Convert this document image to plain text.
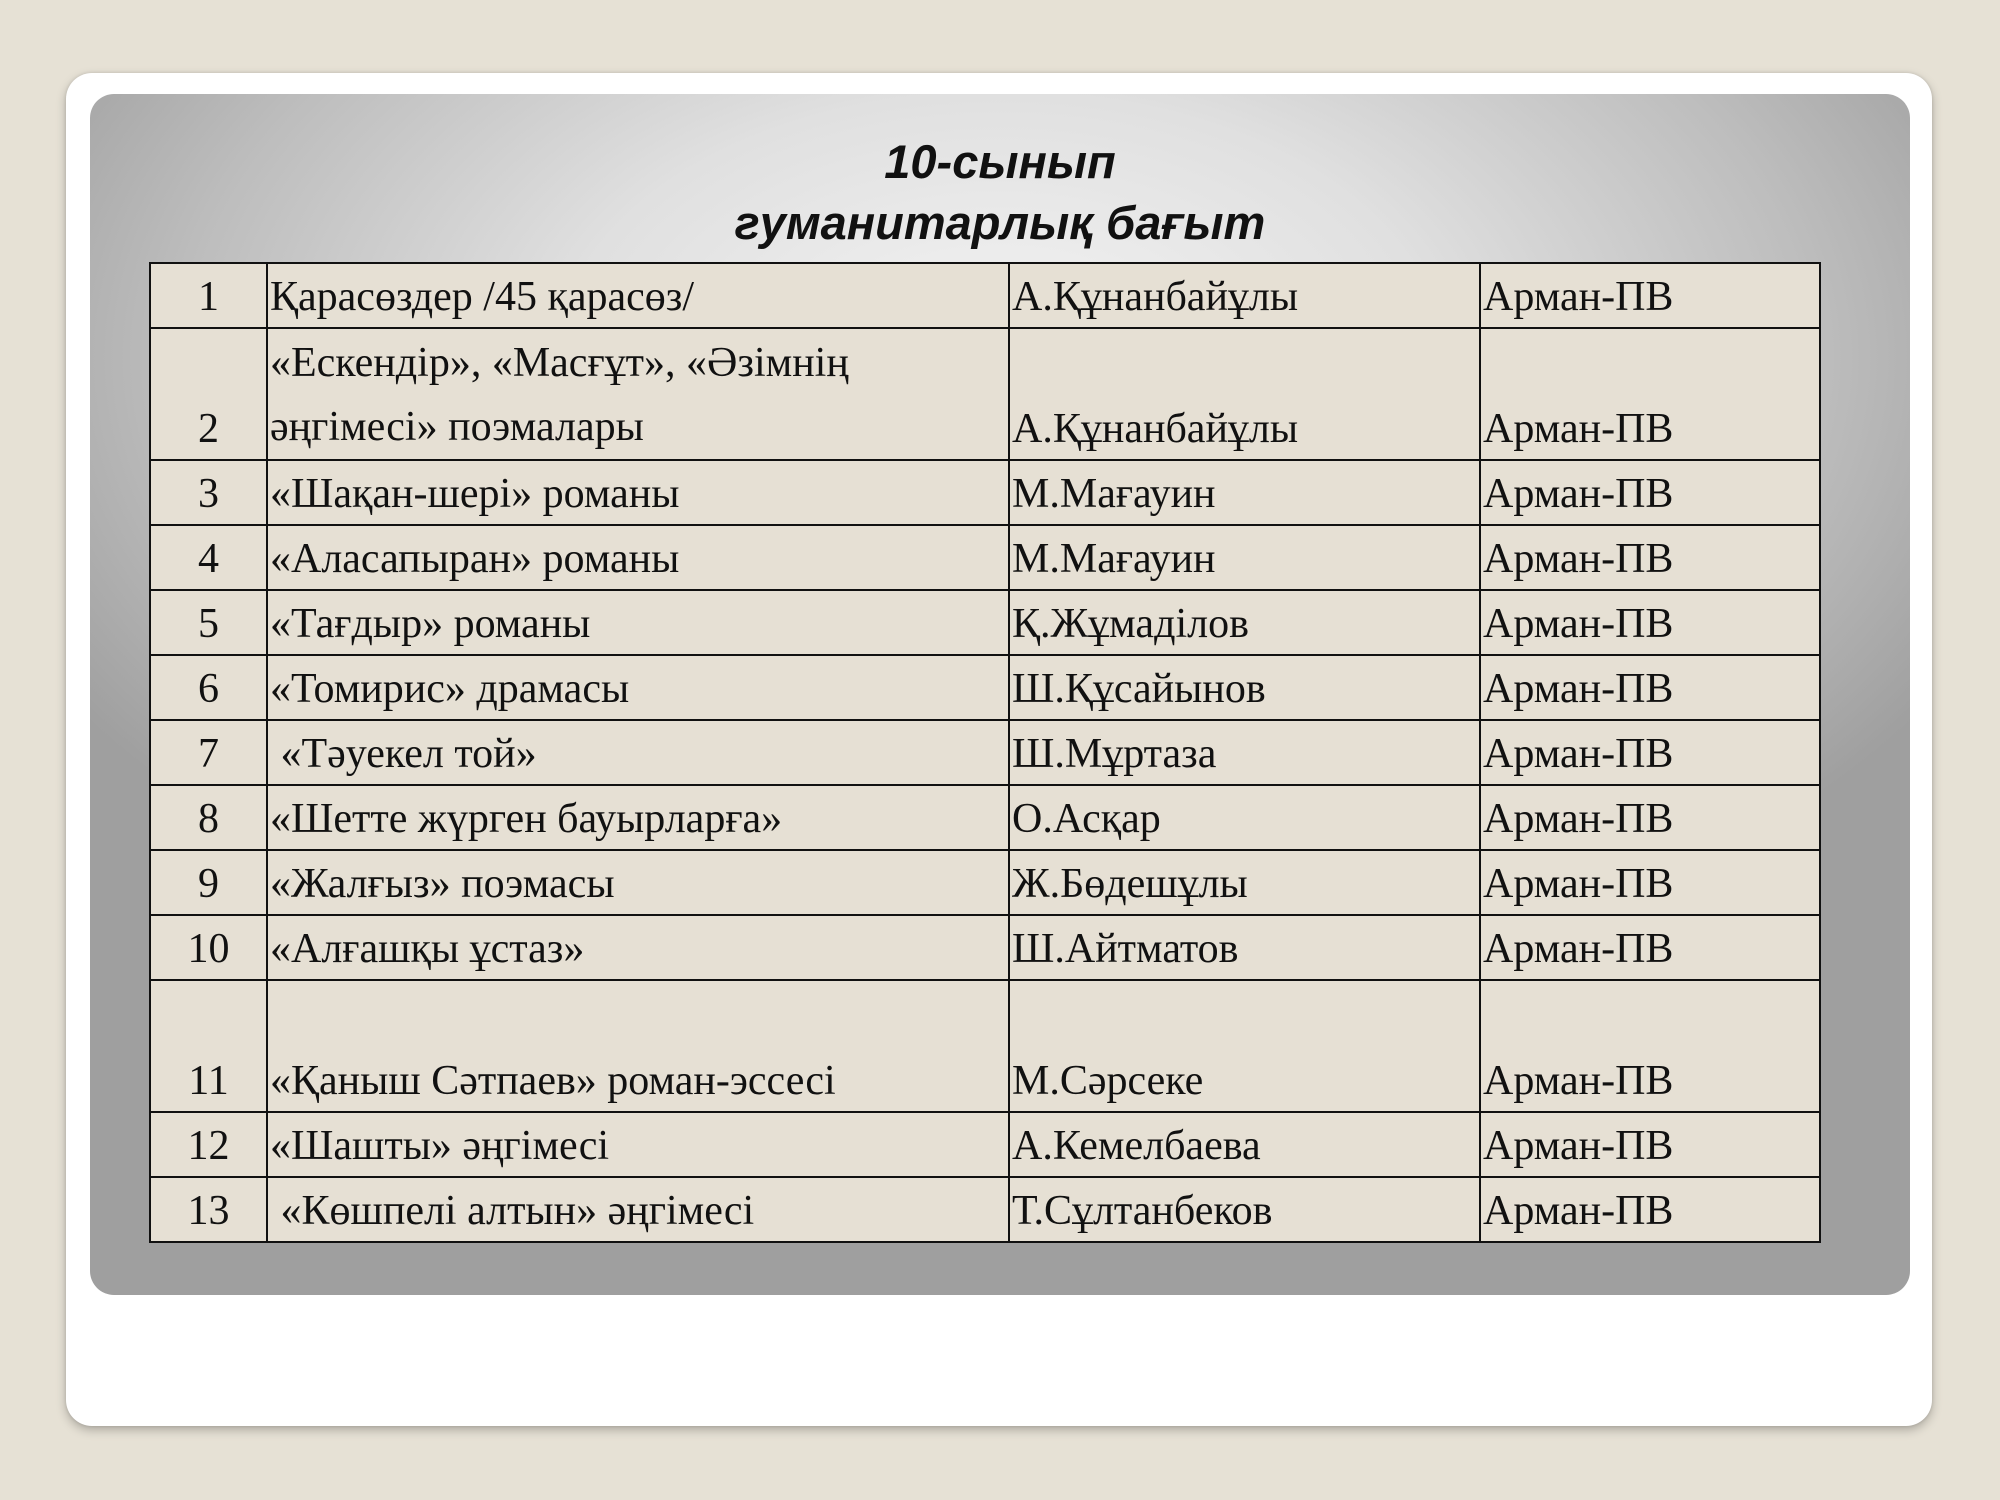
10-сынып
гуманитарлық бағыт
1	Қарасөздер /45 қарасөз/	А.Құнанбайұлы	Арман-ПВ
2	«Ескендір», «Масғұт», «Әзімнің әңгімесі» поэмалары	А.Құнанбайұлы	Арман-ПВ
3	«Шақан-шері» романы	М.Мағауин	Арман-ПВ
4	«Аласапыран» романы	М.Мағауин	Арман-ПВ
5	«Тағдыр» романы	Қ.Жұмаділов	Арман-ПВ
6	«Томирис» драмасы	Ш.Құсайынов	Арман-ПВ
7	«Тәуекел той»	Ш.Мұртаза	Арман-ПВ
8	«Шетте жүрген бауырларға»	О.Асқар	Арман-ПВ
9	«Жалғыз» поэмасы	Ж.Бөдешұлы	Арман-ПВ
10	«Алғашқы ұстаз»	Ш.Айтматов	Арман-ПВ
11	«Қаныш Сәтпаев» роман-эссесі	М.Сәрсеке	Арман-ПВ
12	«Шашты» әңгімесі	А.Кемелбаева	Арман-ПВ
13	«Көшпелі алтын» әңгімесі	Т.Сұлтанбеков	Арман-ПВ
